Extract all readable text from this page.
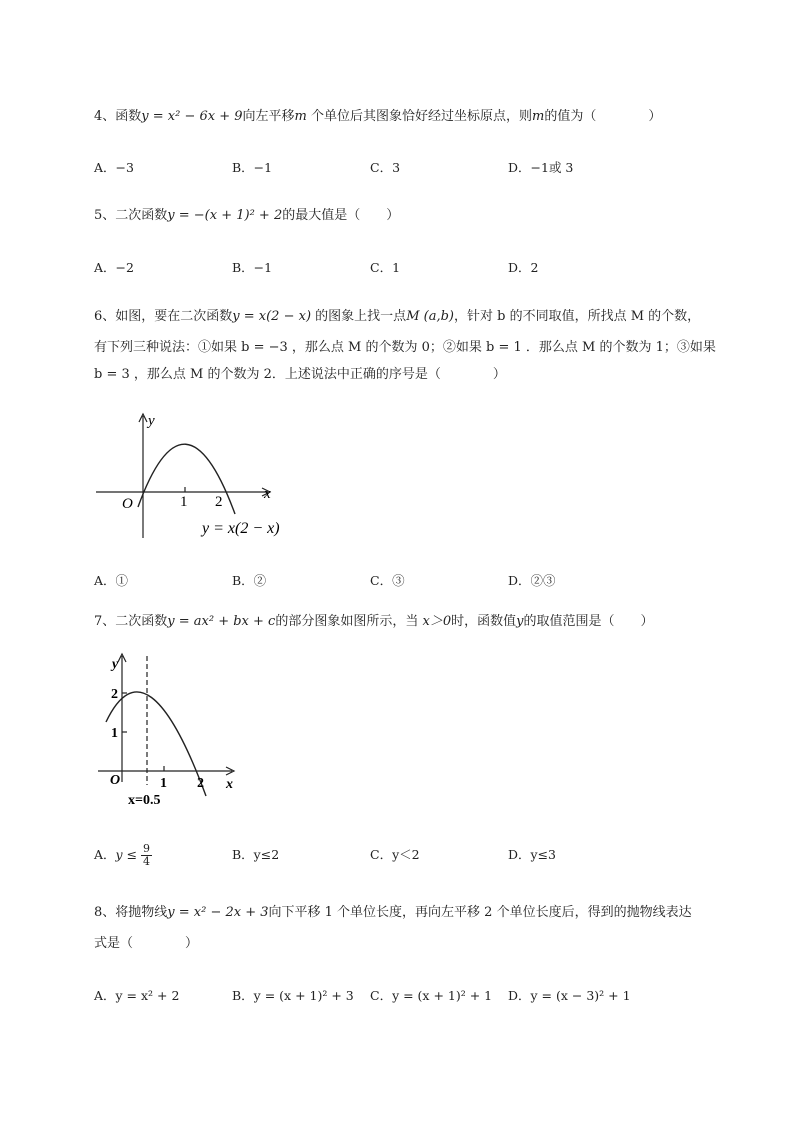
4、函数y = x² − 6x + 9向左平移m 个单位后其图象恰好经过坐标原点，则m的值为（　　　　）
A．−3	B．−1	C．3	D．−1或 3
5、二次函数y = −(x + 1)² + 2的最大值是（　　）
A．−2	B．−1	C．1	D．2
6、如图，要在二次函数y = x(2 − x) 的图象上找一点M (a,b)，针对 b 的不同取值，所找点 M 的个数，
有下列三种说法：①如果 b = −3 ，那么点 M 的个数为 0；②如果 b = 1 ．那么点 M 的个数为 1；③如果
b = 3 ，那么点 M 的个数为 2．上述说法中正确的序号是（　　　　）
y
x
O	1 2
y = x(2 − x)
A．①	B．②	C．③	D．②③
7、二次函数y = ax² + bx + c的部分图象如图所示，当 x＞0时，函数值y的取值范围是（　　）
y
x
O
2
1
1 2
x=0.5
A．$y \le \frac{9}{4}$	B．y≤2	C．y＜2	D．y≤3
8、将抛物线y = x² − 2x + 3向下平移 1 个单位长度，再向左平移 2 个单位长度后，得到的抛物线表达
式是（　　　　）
A．y = x² + 2	B．y = (x + 1)² + 3 C．y = (x + 1)² + 1 D．y = (x − 3)² + 1
